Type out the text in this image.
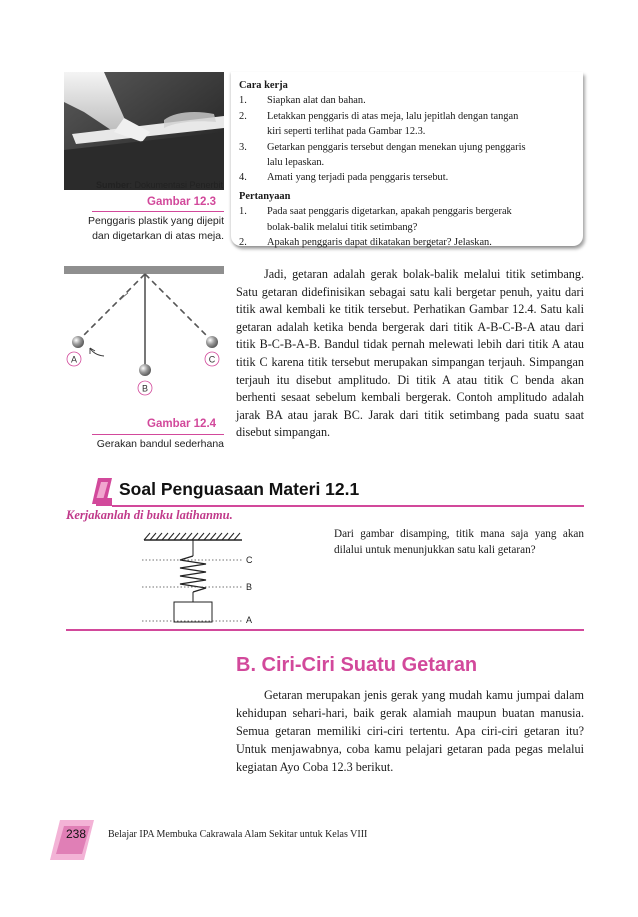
Sumber: Dokumentasi Penerbit
Gambar 12.3
Penggaris plastik yang dijepit
dan digetarkan di atas meja.
Cara kerja
1.	Siapkan alat dan bahan.
2.	Letakkan penggaris di atas meja, lalu jepitlah dengan tangan
kiri seperti terlihat pada Gambar 12.3.
3.	Getarkan penggaris tersebut dengan menekan ujung penggaris
lalu lepaskan.
4.	Amati yang terjadi pada penggaris tersebut.
Pertanyaan
1.	Pada saat penggaris digetarkan, apakah penggaris bergerak
bolak-balik melalui titik setimbang?
2.	Apakah penggaris dapat dikatakan bergetar? Jelaskan.
A	C
B
Gambar 12.4
Gerakan bandul sederhana
Jadi, getaran adalah gerak bolak-balik melalui titik setimbang. Satu getaran didefinisikan sebagai satu kali bergetar penuh, yaitu dari titik awal kembali ke titik tersebut. Perhatikan Gambar 12.4. Satu kali getaran adalah ketika benda bergerak dari titik A-B-C-B-A atau dari titik B-C-B-A-B. Bandul tidak pernah melewati lebih dari titik A atau titik C karena titik tersebut merupakan simpangan terjauh. Simpangan terjauh itu disebut amplitudo. Di titik A atau titik C benda akan berhenti sesaat sebelum kembali bergerak. Contoh amplitudo adalah jarak BA atau jarak BC. Jarak dari titik setimbang pada suatu saat disebut simpangan.
Soal Penguasaan Materi 12.1
Kerjakanlah di buku latihanmu.
C
B
A
Dari gambar disamping, titik mana saja yang akan dilalui untuk menunjukkan satu kali getaran?
B. Ciri-Ciri Suatu Getaran
Getaran merupakan jenis gerak yang mudah kamu jumpai dalam kehidupan sehari-hari, baik gerak alamiah maupun buatan manusia. Semua getaran memiliki ciri-ciri tertentu. Apa ciri-ciri getaran itu? Untuk menjawabnya, coba kamu pelajari getaran pada pegas melalui kegiatan Ayo Coba 12.3 berikut.
238 Belajar IPA Membuka Cakrawala Alam Sekitar untuk Kelas VIII
